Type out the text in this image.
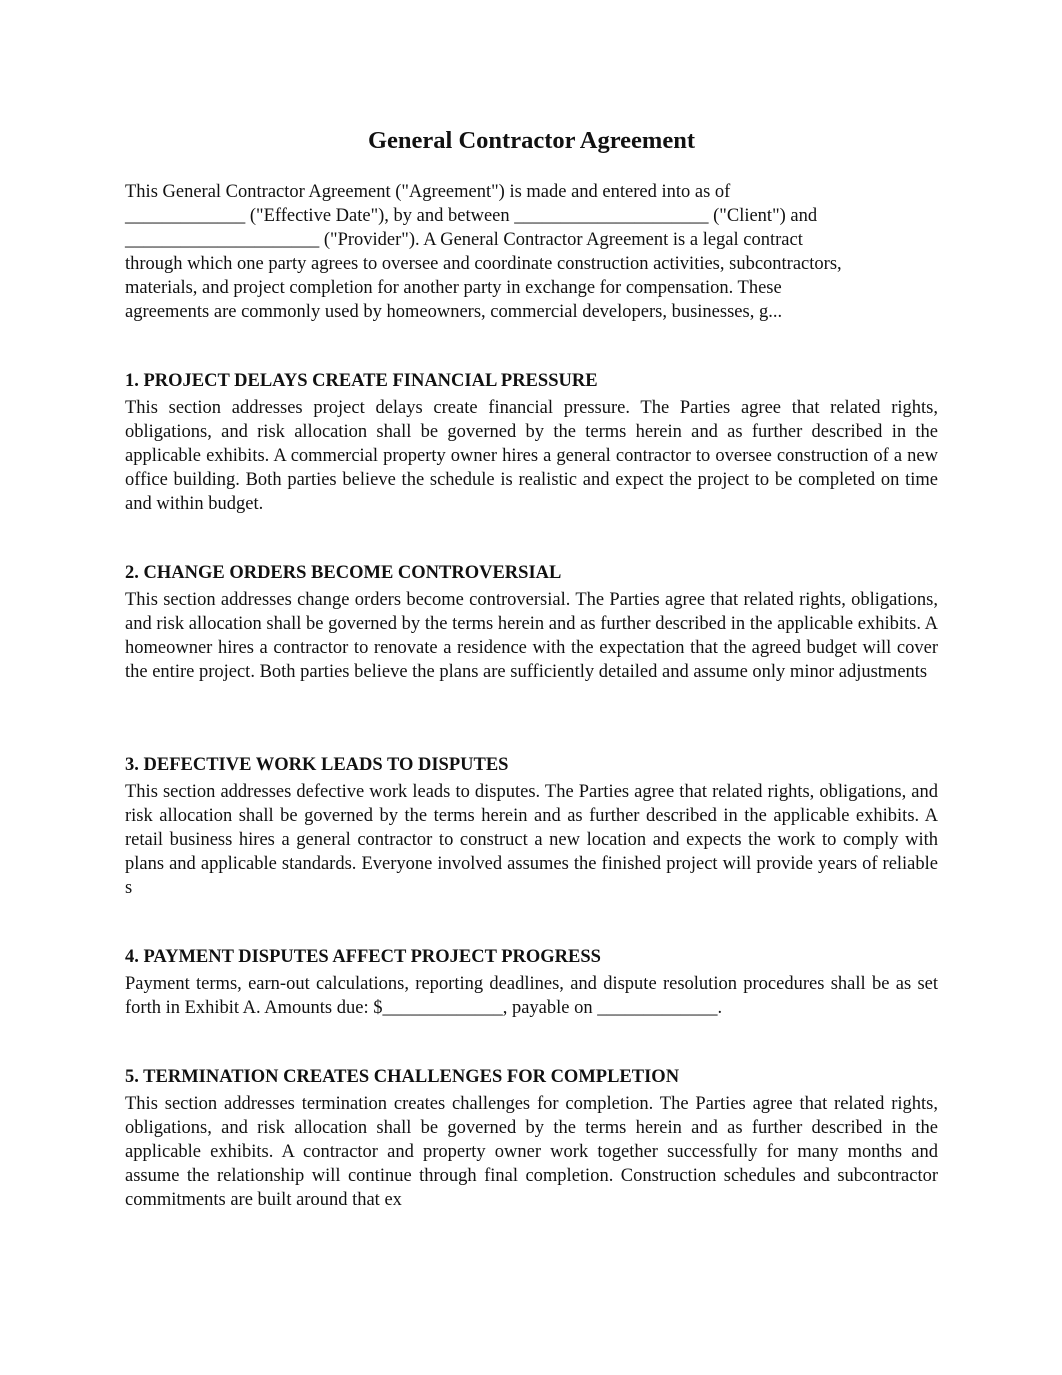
General Contractor Agreement

This General Contractor Agreement ("Agreement") is made and entered into as of
_____________ ("Effective Date"), by and between _____________________ ("Client") and
_____________________ ("Provider"). A General Contractor Agreement is a legal contract
through which one party agrees to oversee and coordinate construction activities, subcontractors,
materials, and project completion for another party in exchange for compensation. These
agreements are commonly used by homeowners, commercial developers, businesses, g...

1. PROJECT DELAYS CREATE FINANCIAL PRESSURE

This section addresses project delays create financial pressure. The Parties agree that related rights, obligations, and risk allocation shall be governed by the terms herein and as further described in the applicable exhibits. A commercial property owner hires a general contractor to oversee construction of a new office building. Both parties believe the schedule is realistic and expect the project to be completed on time and within budget.

2. CHANGE ORDERS BECOME CONTROVERSIAL

This section addresses change orders become controversial. The Parties agree that related rights, obligations, and risk allocation shall be governed by the terms herein and as further described in the applicable exhibits. A homeowner hires a contractor to renovate a residence with the expectation that the agreed budget will cover the entire project. Both parties believe the plans are sufficiently detailed and assume only minor adjustments

3. DEFECTIVE WORK LEADS TO DISPUTES

This section addresses defective work leads to disputes. The Parties agree that related rights, obligations, and risk allocation shall be governed by the terms herein and as further described in the applicable exhibits. A retail business hires a general contractor to construct a new location and expects the work to comply with plans and applicable standards. Everyone involved assumes the finished project will provide years of reliable s

4. PAYMENT DISPUTES AFFECT PROJECT PROGRESS

Payment terms, earn-out calculations, reporting deadlines, and dispute resolution procedures shall be as set forth in Exhibit A. Amounts due: $_____________, payable on _____________.

5. TERMINATION CREATES CHALLENGES FOR COMPLETION

This section addresses termination creates challenges for completion. The Parties agree that related rights, obligations, and risk allocation shall be governed by the terms herein and as further described in the applicable exhibits. A contractor and property owner work together successfully for many months and assume the relationship will continue through final completion. Construction schedules and subcontractor commitments are built around that ex
